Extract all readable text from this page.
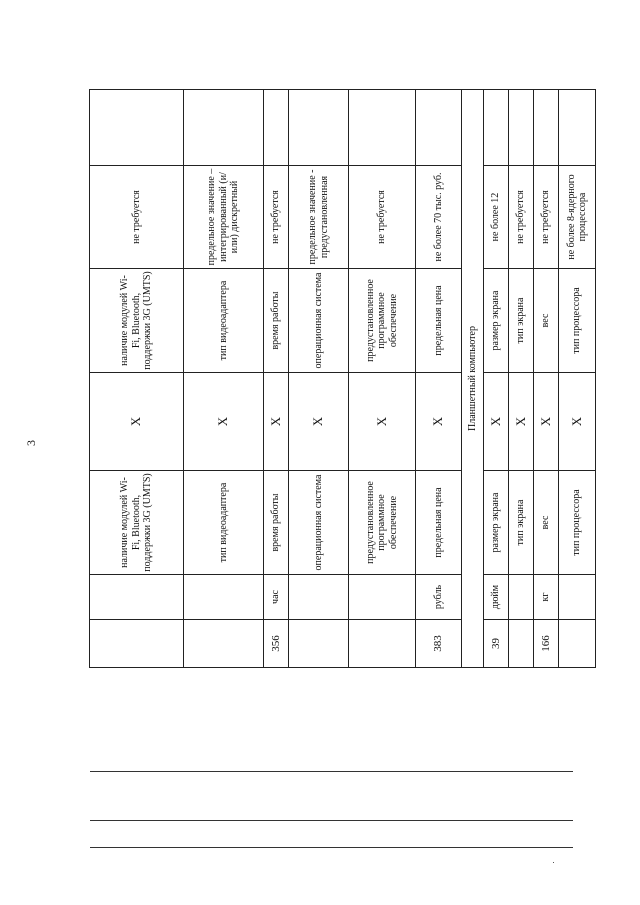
3
		наличие модулей Wi-Fi, Bluetooth, поддержки 3G (UMTS)	X	наличие модулей Wi-Fi, Bluetooth, поддержки 3G (UMTS)	не требуется	
		тип видеоадаптера	X	тип видеоадаптера	предельное значение – интегрированный (и/или) дискретный	
356	час	время работы	X	время работы	не требуется	
		операционная система	X	операционная система	предельное значение - предустановленная	
		предустановленное программное обеспечение	X	предустановленное программное обеспечение	не требуется	
383	рубль	предельная цена	X	предельная цена	не более 70 тыс. руб.	
Планшетный компьютер						
39	дюйм	размер экрана	X	размер экрана	не более 12	
		тип экрана	X	тип экрана	не требуется	
166	кг	вес	X	вес	не требуется	
		тип процессора	X	тип процессора	не более 8-ядерного процессора	
